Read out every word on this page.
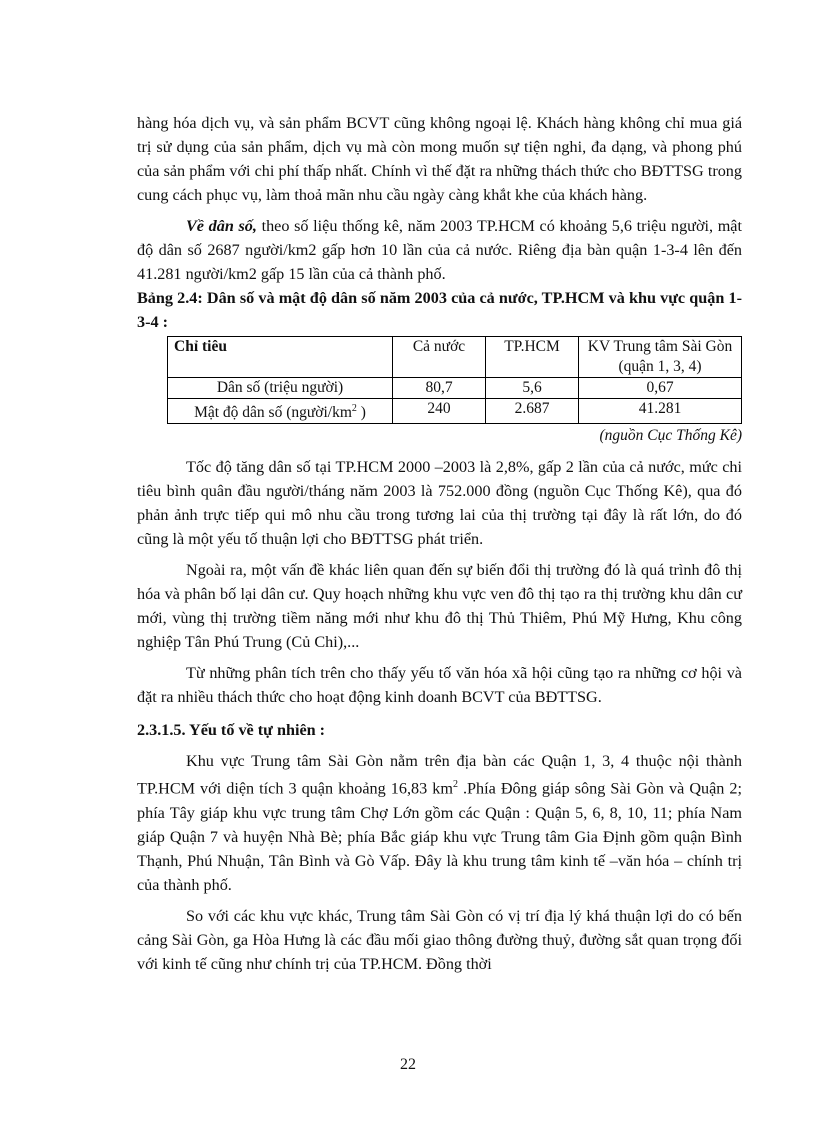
hàng hóa dịch vụ, và sản phẩm BCVT cũng không ngoại lệ. Khách hàng không chỉ mua giá trị sử dụng của sản phẩm, dịch vụ mà còn mong muốn sự tiện nghi, đa dạng, và phong phú của sản phẩm với chi phí thấp nhất. Chính vì thế đặt ra những thách thức cho BĐTTSG trong cung cách phục vụ, làm thoả mãn nhu cầu ngày càng khắt khe của khách hàng.

Về dân số, theo số liệu thống kê, năm 2003 TP.HCM có khoảng 5,6 triệu người, mật độ dân số 2687 người/km2 gấp hơn 10 lần của cả nước. Riêng địa bàn quận 1-3-4 lên đến 41.281 người/km2 gấp 15 lần của cả thành phố.

Bảng 2.4: Dân số và mật độ dân số năm 2003 của cả nước, TP.HCM và khu vực quận 1-3-4 :

Chỉ tiêu	Cả nước	TP.HCM	KV Trung tâm Sài Gòn (quận 1, 3, 4)
Dân số (triệu người)	80,7	5,6	0,67
Mật độ dân số ($người/km^2$ )	240	2.687	41.281
(nguồn Cục Thống Kê)

Tốc độ tăng dân số tại TP.HCM 2000 –2003 là 2,8%, gấp 2 lần của cả nước, mức chi tiêu bình quân đầu người/tháng năm 2003 là 752.000 đồng (nguồn Cục Thống Kê), qua đó phản ảnh trực tiếp qui mô nhu cầu trong tương lai của thị trường tại đây là rất lớn, do đó cũng là một yếu tố thuận lợi cho BĐTTSG phát triển.

Ngoài ra, một vấn đề khác liên quan đến sự biến đổi thị trường đó là quá trình đô thị hóa và phân bố lại dân cư. Quy hoạch những khu vực ven đô thị tạo ra thị trường khu dân cư mới, vùng thị trường tiềm năng mới như khu đô thị Thủ Thiêm, Phú Mỹ Hưng, Khu công nghiệp Tân Phú Trung (Củ Chi),...

Từ những phân tích trên cho thấy yếu tố văn hóa xã hội cũng tạo ra những cơ hội và đặt ra nhiều thách thức cho hoạt động kinh doanh BCVT của BĐTTSG.

2.3.1.5. Yếu tố về tự nhiên :

Khu vực Trung tâm Sài Gòn nằm trên địa bàn các Quận 1, 3, 4 thuộc nội thành TP.HCM với diện tích 3 quận khoảng 16,83 $km^2$ .Phía Đông giáp sông Sài Gòn và Quận 2; phía Tây giáp khu vực trung tâm Chợ Lớn gồm các Quận : Quận 5, 6, 8, 10, 11; phía Nam giáp Quận 7 và huyện Nhà Bè; phía Bắc giáp khu vực Trung tâm Gia Định gồm quận Bình Thạnh, Phú Nhuận, Tân Bình và Gò Vấp. Đây là khu trung tâm kinh tế –văn hóa – chính trị của thành phố.

So với các khu vực khác, Trung tâm Sài Gòn có vị trí địa lý khá thuận lợi do có bến cảng Sài Gòn, ga Hòa Hưng là các đầu mối giao thông đường thuỷ, đường sắt quan trọng đối với kinh tế cũng như chính trị của TP.HCM. Đồng thời

22
